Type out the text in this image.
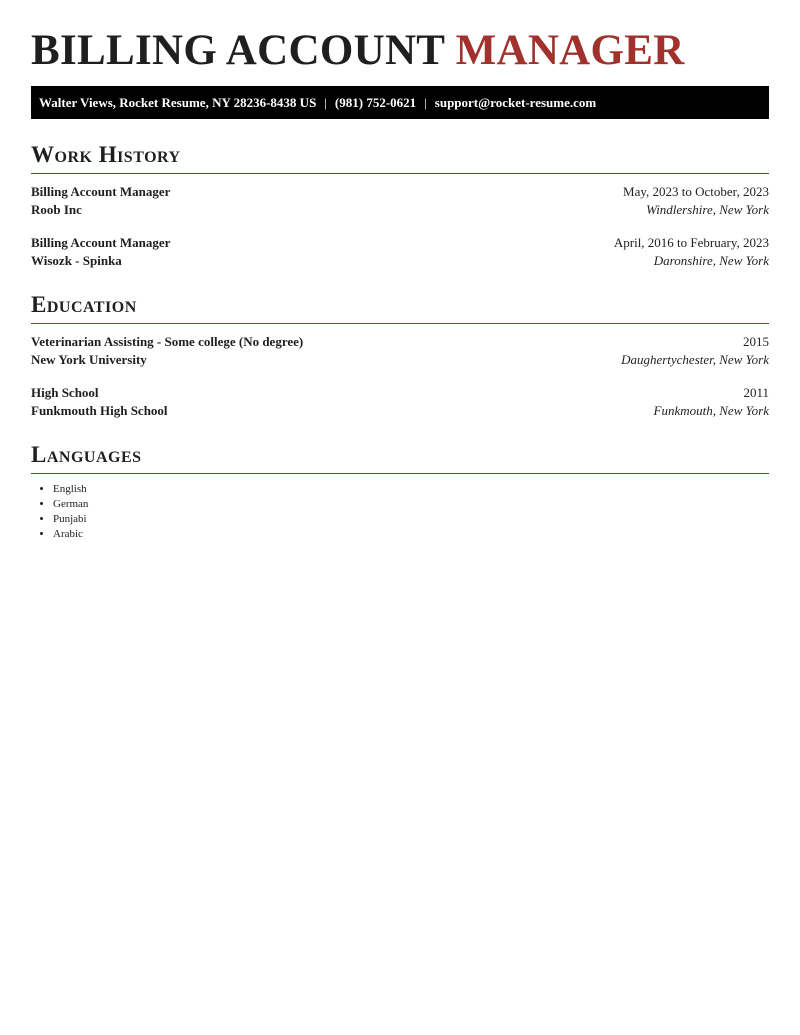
BILLING ACCOUNT MANAGER
Walter Views, Rocket Resume, NY 28236-8438 US | (981) 752-0621 | support@rocket-resume.com
Work History
Billing Account Manager	May, 2023 to October, 2023
Roob Inc	Windlershire, New York
Billing Account Manager	April, 2016 to February, 2023
Wisozk - Spinka	Daronshire, New York
Education
Veterinarian Assisting - Some college (No degree)	2015
New York University	Daughertychester, New York
High School	2011
Funkmouth High School	Funkmouth, New York
Languages
• English
• German
• Punjabi
• Arabic
